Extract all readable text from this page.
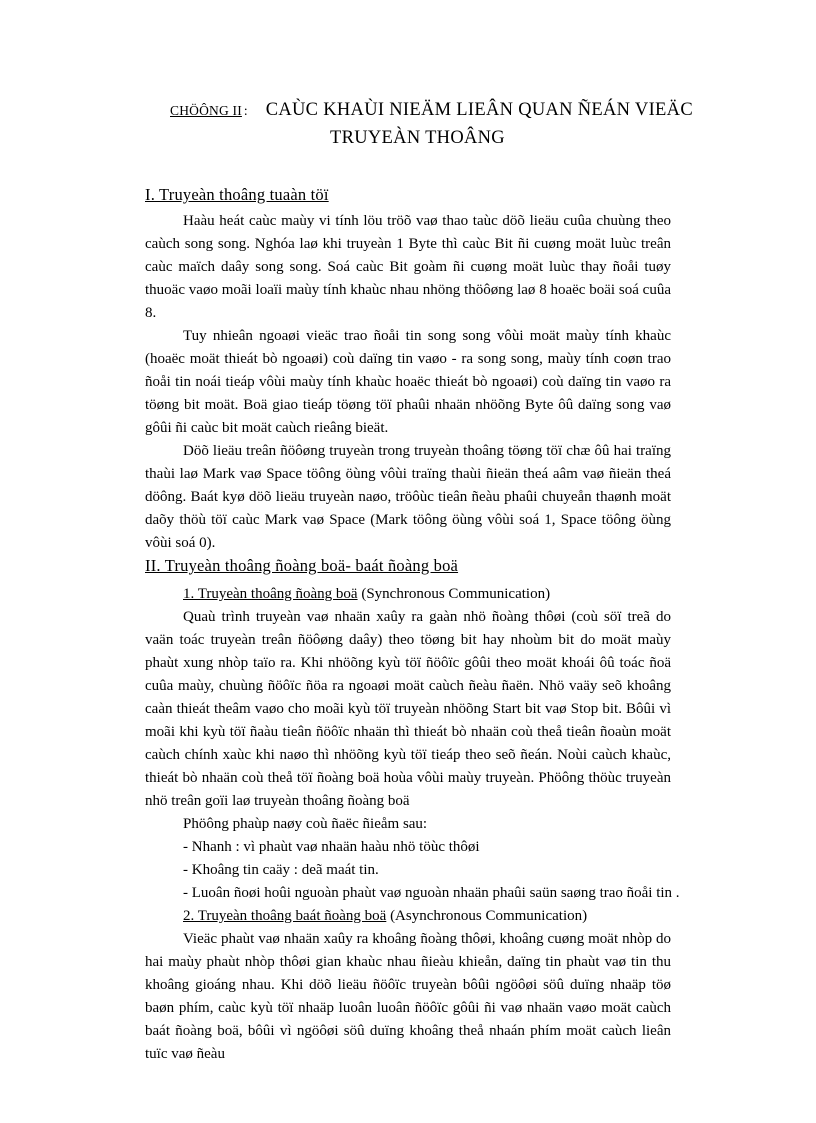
CHÖÔNG II : CAÙC KHAÙI NIEÄM LIEÂN QUAN ÑEÁN VIEÄC
TRUYEÀN THOÂNG
I. Truyeàn thoâng tuaàn töï

Haàu heát caùc maùy vi tính löu tröõ vaø thao taùc döõ lieäu cuûa chuùng theo caùch song song. Nghóa laø khi truyeàn 1 Byte thì caùc Bit ñi cuøng moät luùc treân caùc maïch daây song song. Soá caùc Bit goàm ñi cuøng moät luùc thay ñoåi tuøy thuoäc vaøo moãi loaïi maùy tính khaùc nhau nhöng thöôøng laø 8 hoaëc boäi soá cuûa 8.

Tuy nhieân ngoaøi vieäc trao ñoåi tin song song vôùi moät maùy tính khaùc (hoaëc moät thieát bò ngoaøi) coù daïng tin vaøo - ra song song, maùy tính coøn trao ñoåi tin noái tieáp vôùi maùy tính khaùc hoaëc thieát bò ngoaøi) coù daïng tin vaøo ra töøng bit moät. Boä giao tieáp töøng töï phaûi nhaän nhöõng Byte ôû daïng song vaø gôûi ñi caùc bit moät caùch rieâng bieät.

Döõ lieäu treân ñöôøng truyeàn trong truyeàn thoâng töøng töï chæ ôû hai traïng thaùi laø Mark vaø Space töông öùng vôùi traïng thaùi ñieän theá aâm vaø ñieän theá döông. Baát kyø döõ lieäu truyeàn naøo, tröôùc tieân ñeàu phaûi chuyeån thaønh moät daõy thöù töï caùc Mark vaø Space (Mark töông öùng vôùi soá 1, Space töông öùng vôùi soá 0).

II. Truyeàn thoâng ñoàng boä- baát ñoàng boä
1. Truyeàn thoâng ñoàng boä (Synchronous Communication)

Quaù trình truyeàn vaø nhaän xaûy ra gaàn nhö ñoàng thôøi (coù söï treã do vaän toác truyeàn treân ñöôøng daây) theo töøng bit hay nhoùm bit do moät maùy phaùt xung nhòp taïo ra. Khi nhöõng kyù töï ñöôïc gôûi theo moät khoái ôû toác ñoä cuûa maùy, chuùng ñöôïc ñöa ra ngoaøi moät caùch ñeàu ñaën. Nhö vaäy seõ khoâng caàn thieát theâm vaøo cho moãi kyù töï truyeàn nhöõng Start bit vaø Stop bit. Bôûi vì moãi khi kyù töï ñaàu tieân ñöôïc nhaän thì thieát bò nhaän coù theå tieân ñoaùn moät caùch chính xaùc khi naøo thì nhöõng kyù töï tieáp theo seõ ñeán. Noùi caùch khaùc, thieát bò nhaän coù theå töï ñoàng boä hoùa vôùi maùy truyeàn. Phöông thöùc truyeàn nhö treân goïi laø truyeàn thoâng ñoàng boä

Phöông phaùp naøy coù ñaëc ñieåm sau:
- Nhanh : vì phaùt vaø nhaän haàu nhö töùc thôøi
- Khoâng tin caäy : deã maát tin.
- Luoân ñoøi hoûi nguoàn phaùt vaø nguoàn nhaän phaûi saün saøng trao ñoåi tin .
2. Truyeàn thoâng baát ñoàng boä (Asynchronous Communication)

Vieäc phaùt vaø nhaän xaûy ra khoâng ñoàng thôøi, khoâng cuøng moät nhòp do hai maùy phaùt nhòp thôøi gian khaùc nhau ñieàu khieån, daïng tin phaùt vaø tin thu khoâng gioáng nhau. Khi döõ lieäu ñöôïc truyeàn bôûi ngöôøi söû duïng nhaäp töø baøn phím, caùc kyù töï nhaäp luoân luoân ñöôïc gôûi ñi vaø nhaän vaøo moät caùch baát ñoàng boä, bôûi vì ngöôøi söû duïng khoâng theå nhaán phím moät caùch lieân tuïc vaø ñeàu
